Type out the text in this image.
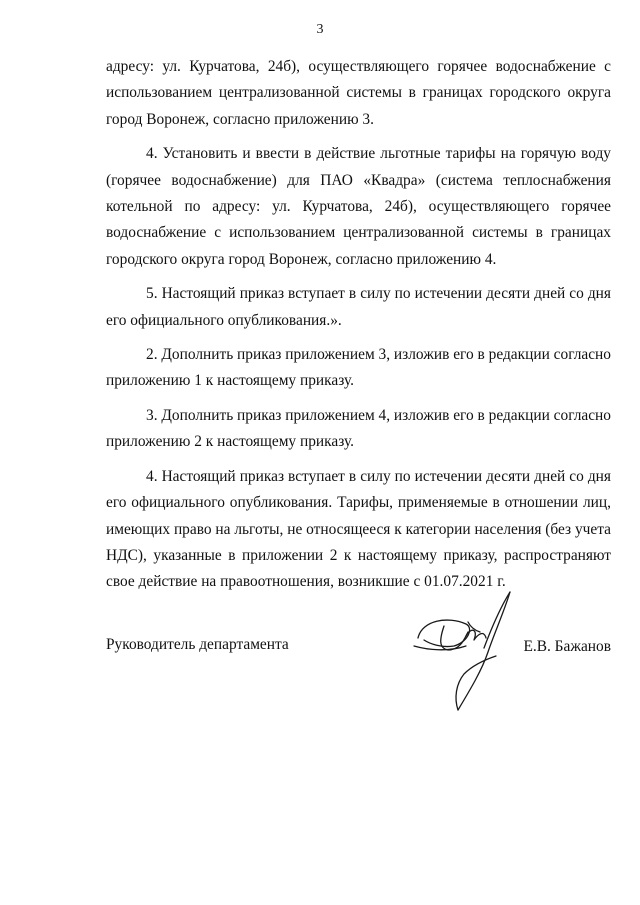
3

адресу: ул. Курчатова, 24б), осуществляющего горячее водоснабжение с использованием централизованной системы в границах городского округа город Воронеж, согласно приложению 3.

4. Установить и ввести в действие льготные тарифы на горячую воду (горячее водоснабжение) для ПАО «Квадра» (система теплоснабжения котельной по адресу: ул. Курчатова, 24б), осуществляющего горячее водоснабжение с использованием централизованной системы в границах городского округа город Воронеж, согласно приложению 4.

5. Настоящий приказ вступает в силу по истечении десяти дней со дня его официального опубликования.».

2. Дополнить приказ приложением 3, изложив его в редакции согласно приложению 1 к настоящему приказу.

3. Дополнить приказ приложением 4, изложив его в редакции согласно приложению 2 к настоящему приказу.

4. Настоящий приказ вступает в силу по истечении десяти дней со дня его официального опубликования. Тарифы, применяемые в отношении лиц, имеющих право на льготы, не относящееся к категории населения (без учета НДС), указанные в приложении 2 к настоящему приказу, распространяют свое действие на правоотношения, возникшие с 01.07.2021 г.

Руководитель департамента	Е.В. Бажанов
